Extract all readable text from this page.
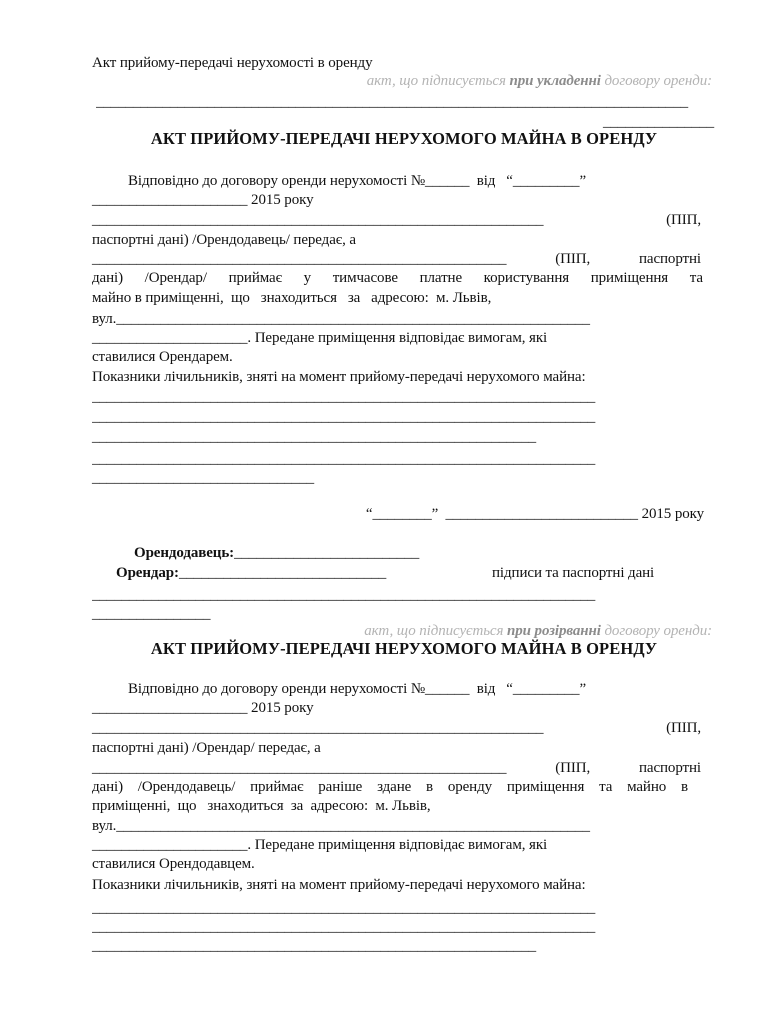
Акт прийому-передачі нерухомості в оренду

акт, що підписується при укладенні договору оренди:

________________________________________________________________________________

_______________

АКТ ПРИЙОМУ-ПЕРЕДАЧІ НЕРУХОМОГО МАЙНА В ОРЕНДУ

Відповідно до договору оренди нерухомості №______  від   “_________”

_____________________ 2015 року

_____________________________________________________________ (ПІП,

паспортні дані) /Орендодавець/ передає, а

________________________________________________________ (ПІП, паспортні

дані) /Орендар/ приймає у тимчасове платне користування приміщення та

майно в приміщенні,  що   знаходиться   за   адресою:  м. Львів,

вул.________________________________________________________________

_____________________. Передане приміщення відповідає вимогам, які

ставилися Орендарем.

Показники лічильників, зняті на момент прийому-передачі нерухомого майна:

____________________________________________________________________

____________________________________________________________________

____________________________________________________________

____________________________________________________________________

______________________________

“________”  __________________________ 2015 року

Орендодавець:_________________________

Орендар:____________________________	підписи та паспортні дані

____________________________________________________________________

________________

акт, що підписується при розірванні договору оренди:

АКТ ПРИЙОМУ-ПЕРЕДАЧІ НЕРУХОМОГО МАЙНА В ОРЕНДУ

Відповідно до договору оренди нерухомості №______  від   “_________”

_____________________ 2015 року

_____________________________________________________________ (ПІП,

паспортні дані) /Орендар/ передає, а

________________________________________________________ (ПІП, паспортні

дані) /Орендодавець/ приймає раніше здане в оренду приміщення та майно в

приміщенні,  що   знаходиться  за  адресою:  м. Львів,

вул.________________________________________________________________

_____________________. Передане приміщення відповідає вимогам, які

ставилися Орендодавцем.

Показники лічильників, зняті на момент прийому-передачі нерухомого майна:

____________________________________________________________________

____________________________________________________________________

____________________________________________________________
